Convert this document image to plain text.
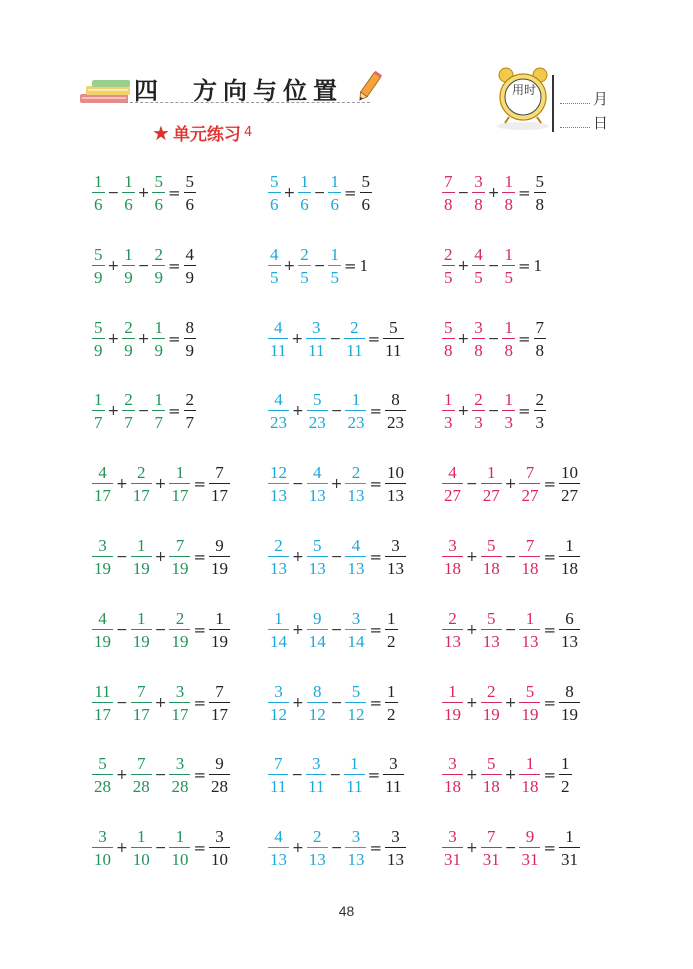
四 方向与位置
★ 单元练习 4
用时	月
日
$\frac{1}{6} - \frac{1}{6} + \frac{5}{6} = \frac{5}{6}$
$\frac{5}{9} + \frac{1}{9} - \frac{2}{9} = \frac{4}{9}$
$\frac{5}{9} + \frac{2}{9} + \frac{1}{9} = \frac{8}{9}$
$\frac{1}{7} + \frac{2}{7} - \frac{1}{7} = \frac{2}{7}$
$\frac{4}{17} + \frac{2}{17} + \frac{1}{17} = \frac{7}{17}$
$\frac{3}{19} - \frac{1}{19} + \frac{7}{19} = \frac{9}{19}$
$\frac{4}{19} - \frac{1}{19} - \frac{2}{19} = \frac{1}{19}$
$\frac{11}{17} - \frac{7}{17} + \frac{3}{17} = \frac{7}{17}$
$\frac{5}{28} + \frac{7}{28} - \frac{3}{28} = \frac{9}{28}$
$\frac{3}{10} + \frac{1}{10} - \frac{1}{10} = \frac{3}{10}$
$\frac{5}{6} + \frac{1}{6} - \frac{1}{6} = \frac{5}{6}$
$\frac{4}{5} + \frac{2}{5} - \frac{1}{5} = 1$
$\frac{4}{11} + \frac{3}{11} - \frac{2}{11} = \frac{5}{11}$
$\frac{4}{23} + \frac{5}{23} - \frac{1}{23} = \frac{8}{23}$
$\frac{12}{13} - \frac{4}{13} + \frac{2}{13} = \frac{10}{13}$
$\frac{2}{13} + \frac{5}{13} - \frac{4}{13} = \frac{3}{13}$
$\frac{1}{14} + \frac{9}{14} - \frac{3}{14} = \frac{1}{2}$
$\frac{3}{12} + \frac{8}{12} - \frac{5}{12} = \frac{1}{2}$
$\frac{7}{11} - \frac{3}{11} - \frac{1}{11} = \frac{3}{11}$
$\frac{4}{13} + \frac{2}{13} - \frac{3}{13} = \frac{3}{13}$
$\frac{7}{8} - \frac{3}{8} + \frac{1}{8} = \frac{5}{8}$
$\frac{2}{5} + \frac{4}{5} - \frac{1}{5} = 1$
$\frac{5}{8} + \frac{3}{8} - \frac{1}{8} = \frac{7}{8}$
$\frac{1}{3} + \frac{2}{3} - \frac{1}{3} = \frac{2}{3}$
$\frac{4}{27} - \frac{1}{27} + \frac{7}{27} = \frac{10}{27}$
$\frac{3}{18} + \frac{5}{18} - \frac{7}{18} = \frac{1}{18}$
$\frac{2}{13} + \frac{5}{13} - \frac{1}{13} = \frac{6}{13}$
$\frac{1}{19} + \frac{2}{19} + \frac{5}{19} = \frac{8}{19}$
$\frac{3}{18} + \frac{5}{18} + \frac{1}{18} = \frac{1}{2}$
$\frac{3}{31} + \frac{7}{31} - \frac{9}{31} = \frac{1}{31}$
48
